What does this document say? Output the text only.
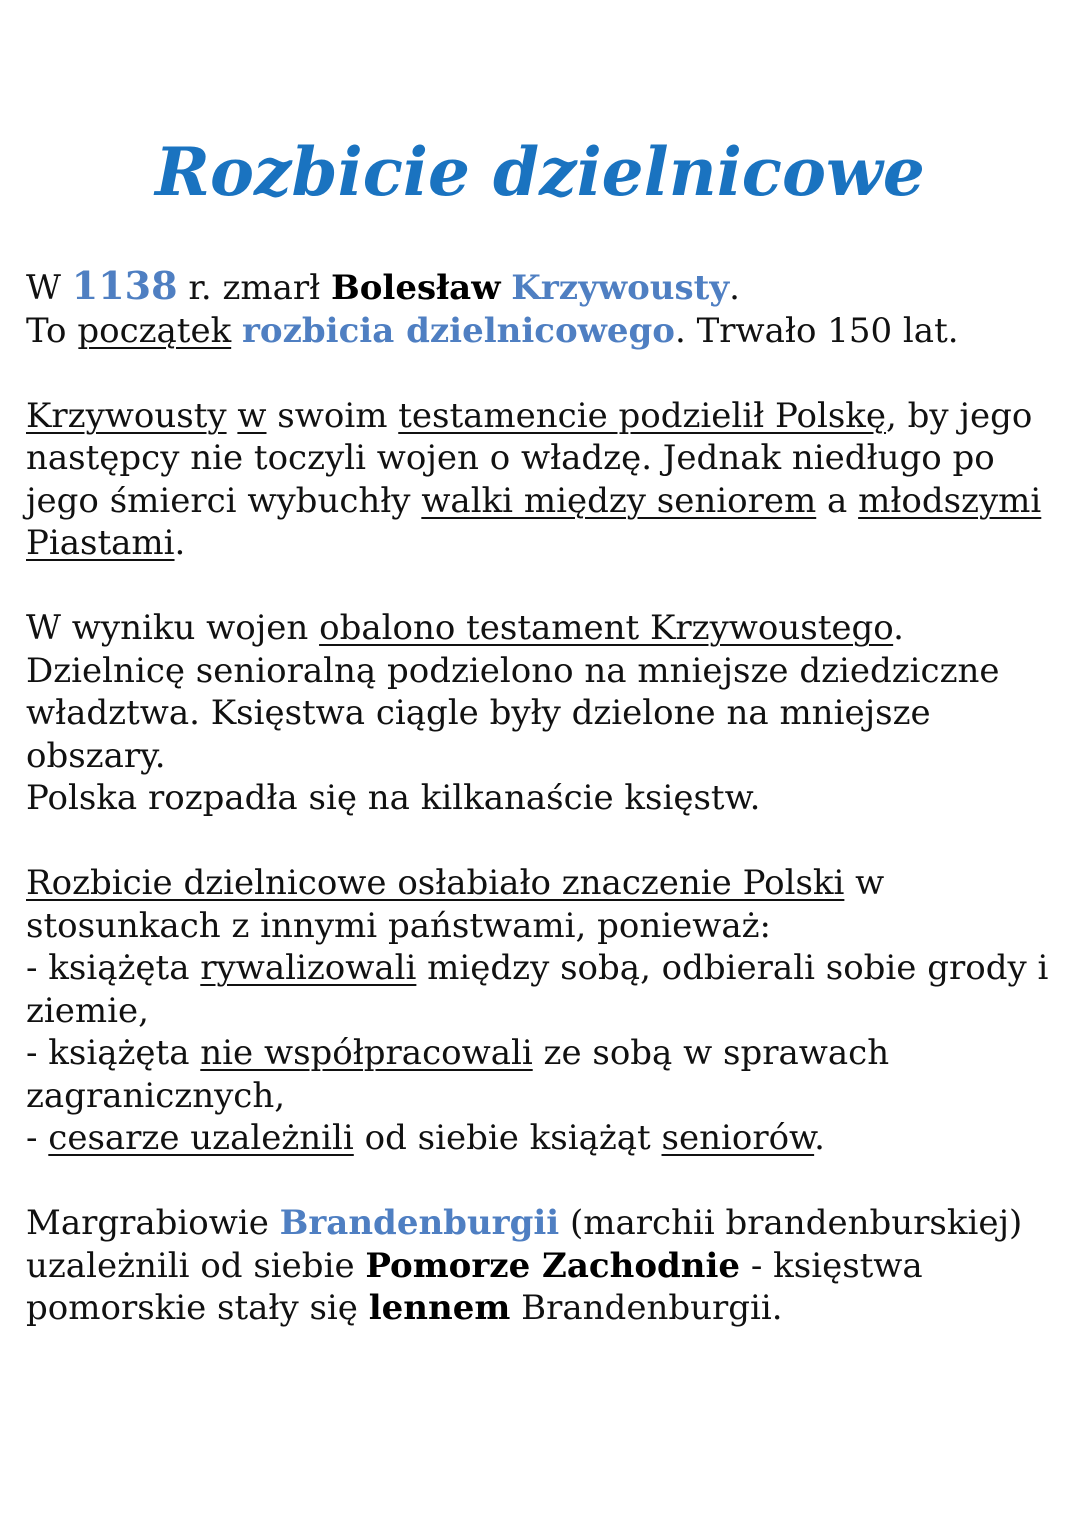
Rozbicie dzielnicowe

W 1138 r. zmarł Bolesław Krzywousty.
To początek rozbicia dzielnicowego. Trwało 150 lat.

Krzywousty w swoim testamencie podzielił Polskę, by jego następcy nie toczyli wojen o władzę. Jednak niedługo po jego śmierci wybuchły walki między seniorem a młodszymi Piastami.

W wyniku wojen obalono testament Krzywoustego.
Dzielnicę senioralną podzielono na mniejsze dziedziczne władztwa. Księstwa ciągle były dzielone na mniejsze obszary.
Polska rozpadła się na kilkanaście księstw.

Rozbicie dzielnicowe osłabiało znaczenie Polski w stosunkach z innymi państwami, ponieważ:
- książęta rywalizowali między sobą, odbierali sobie grody i ziemie,
- książęta nie współpracowali ze sobą w sprawach zagranicznych,
- cesarze uzależnili od siebie książąt seniorów.

Margrabiowie Brandenburgii (marchii brandenburskiej) uzależnili od siebie Pomorze Zachodnie - księstwa pomorskie stały się lennem Brandenburgii.
